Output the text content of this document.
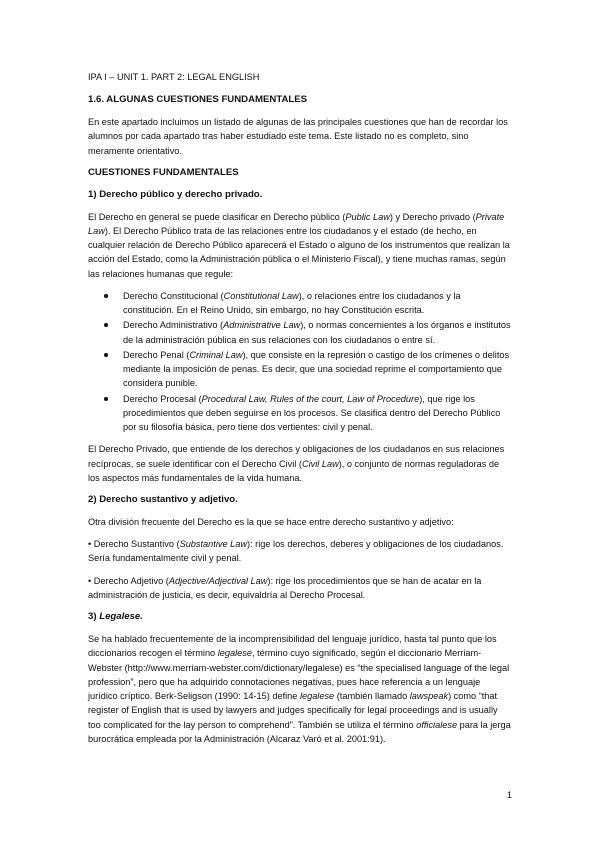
IPA I – UNIT 1. PART 2: LEGAL ENGLISH

1.6. ALGUNAS CUESTIONES FUNDAMENTALES

En este apartado incluimos un listado de algunas de las principales cuestiones que han de recordar los alumnos por cada apartado tras haber estudiado este tema. Este listado no es completo, sino meramente orientativo.

CUESTIONES FUNDAMENTALES

1) Derecho público y derecho privado.

El Derecho en general se puede clasificar en Derecho público (Public Law) y Derecho privado (Private Law). El Derecho Público trata de las relaciones entre los ciudadanos y el estado (de hecho, en cualquier relación de Derecho Público aparecerá el Estado o alguno de los instrumentos que realizan la acción del Estado, como la Administración pública o el Ministerio Fiscal), y tiene muchas ramas, según las relaciones humanas que regule:

Derecho Constitucional (Constitutional Law), o relaciones entre los ciudadanos y la constitución. En el Reino Unido, sin embargo, no hay Constitución escrita.
Derecho Administrativo (Administrative Law), o normas concernientes a los órganos e institutos de la administración pública en sus relaciones con los ciudadanos o entre sí.
Derecho Penal (Criminal Law), que consiste en la represión o castigo de los crímenes o delitos mediante la imposición de penas. Es decir, que una sociedad reprime el comportamiento que considera punible.
Derecho Procesal (Procedural Law, Rules of the court, Law of Procedure), que rige los procedimientos que deben seguirse en los procesos. Se clasifica dentro del Derecho Público por su filosofía básica, pero tiene dos vertientes: civil y penal.

El Derecho Privado, que entiende de los derechos y obligaciones de los ciudadanos en sus relaciones recíprocas, se suele identificar con el Derecho Civil (Civil Law), o conjunto de normas reguladoras de los aspectos más fundamentales de la vida humana.

2) Derecho sustantivo y adjetivo.

Otra división frecuente del Derecho es la que se hace entre derecho sustantivo y adjetivo:

• Derecho Sustantivo (Substantive Law): rige los derechos, deberes y obligaciones de los ciudadanos. Sería fundamentalmente civil y penal.

• Derecho Adjetivo (Adjective/Adjectival Law): rige los procedimientos que se han de acatar en la administración de justicia, es decir, equivaldría al Derecho Procesal.

3) Legalese.

Se ha hablado frecuentemente de la incomprensibilidad del lenguaje jurídico, hasta tal punto que los diccionarios recogen el término legalese, término cuyo significado, según el diccionario Merriam-Webster (http://www.merriam-webster.com/dictionary/legalese) es “the specialised language of the legal profession”, pero que ha adquirido connotaciones negativas, pues hace referencia a un lenguaje jurídico críptico. Berk-Seligson (1990: 14-15) define legalese (también llamado lawspeak) como “that register of English that is used by lawyers and judges specifically for legal proceedings and is usually too complicated for the lay person to comprehend”. También se utiliza el término officialese para la jerga burocrática empleada por la Administración (Alcaraz Varó et al. 2001:91).

1
